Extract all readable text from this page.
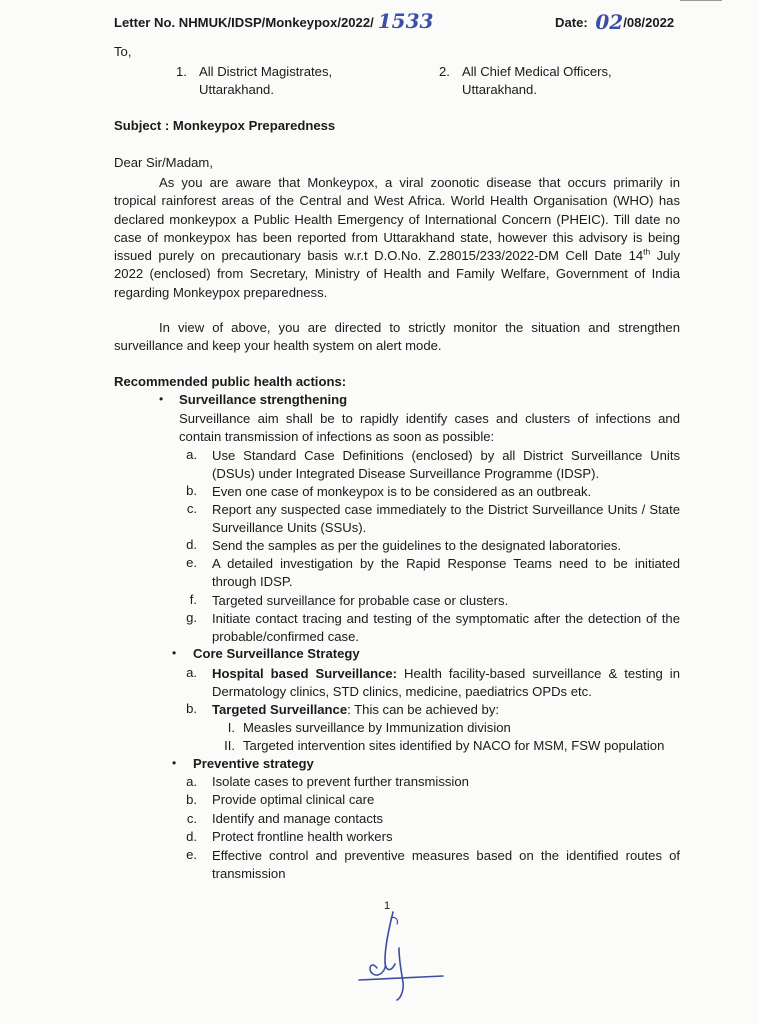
Letter No. NHMUK/IDSP/Monkeypox/2022/ 1533	Date: 02/08/2022
To,
1. All District Magistrates,
Uttarakhand.
2. All Chief Medical Officers,
Uttarakhand.
Subject : Monkeypox Preparedness
Dear Sir/Madam,
As you are aware that Monkeypox, a viral zoonotic disease that occurs primarily in tropical rainforest areas of the Central and West Africa. World Health Organisation (WHO) has declared monkeypox a Public Health Emergency of International Concern (PHEIC). Till date no case of monkeypox has been reported from Uttarakhand state, however this advisory is being issued purely on precautionary basis w.r.t D.O.No. Z.28015/233/2022-DM Cell Date 14th July 2022 (enclosed) from Secretary, Ministry of Health and Family Welfare, Government of India regarding Monkeypox preparedness.
In view of above, you are directed to strictly monitor the situation and strengthen surveillance and keep your health system on alert mode.
Recommended public health actions:
• Surveillance strengthening
Surveillance aim shall be to rapidly identify cases and clusters of infections and contain transmission of infections as soon as possible:
a. Use Standard Case Definitions (enclosed) by all District Surveillance Units (DSUs) under Integrated Disease Surveillance Programme (IDSP).
b. Even one case of monkeypox is to be considered as an outbreak.
c. Report any suspected case immediately to the District Surveillance Units / State Surveillance Units (SSUs).
d. Send the samples as per the guidelines to the designated laboratories.
e. A detailed investigation by the Rapid Response Teams need to be initiated through IDSP.
f. Targeted surveillance for probable case or clusters.
g. Initiate contact tracing and testing of the symptomatic after the detection of the probable/confirmed case.
• Core Surveillance Strategy
a. Hospital based Surveillance: Health facility-based surveillance & testing in Dermatology clinics, STD clinics, medicine, paediatrics OPDs etc.
b. Targeted Surveillance: This can be achieved by:
I. Measles surveillance by Immunization division
II. Targeted intervention sites identified by NACO for MSM, FSW population
• Preventive strategy
a. Isolate cases to prevent further transmission
b. Provide optimal clinical care
c. Identify and manage contacts
d. Protect frontline health workers
e. Effective control and preventive measures based on the identified routes of transmission
1
